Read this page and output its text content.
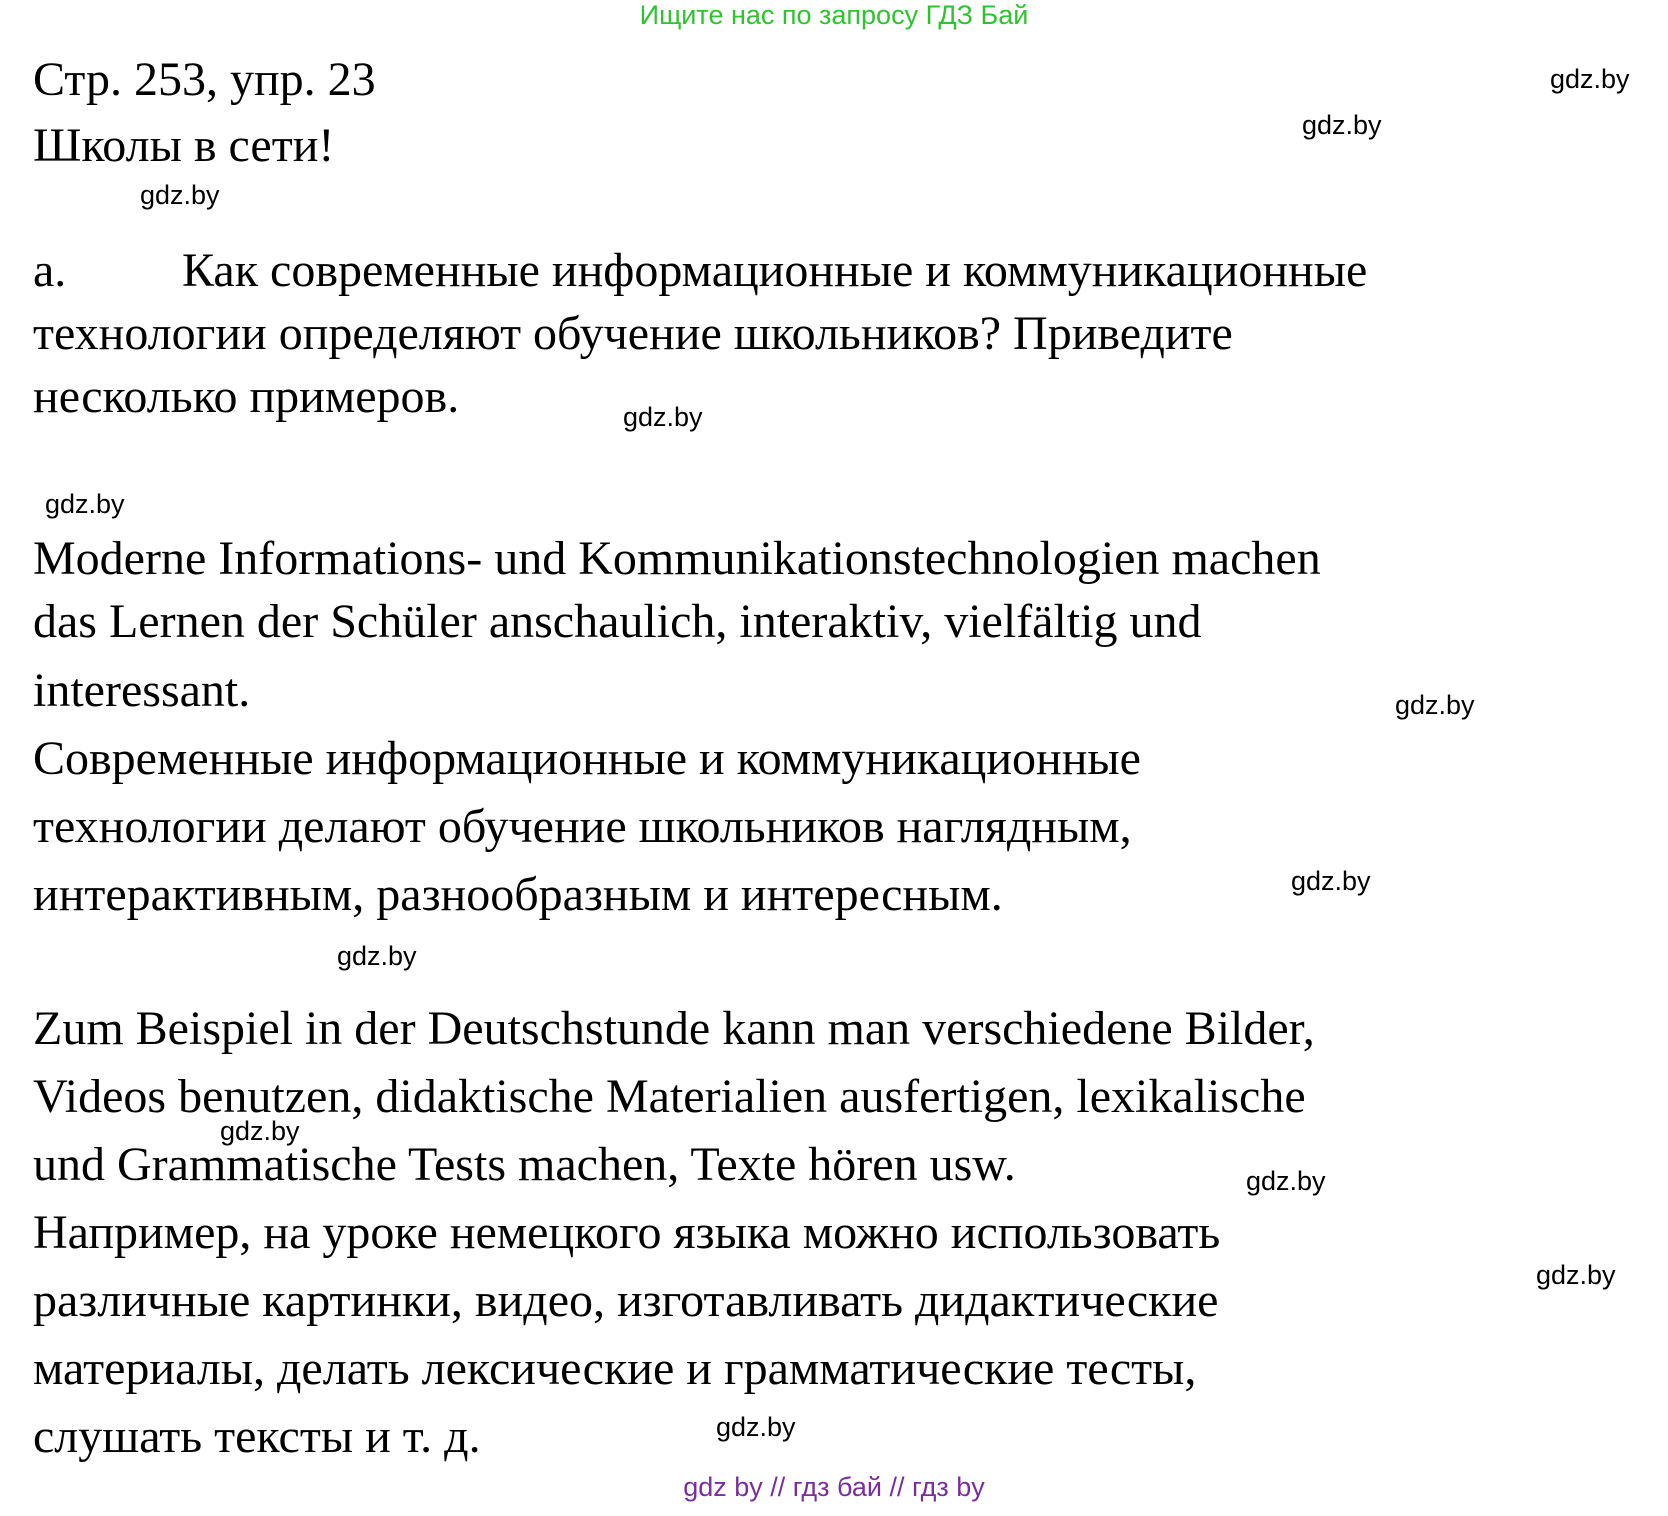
Ищите нас по запросу ГДЗ Бай
Стр. 253, упр. 23
Школы в сети!
a. Как современные информационные и коммуникационные
технологии определяют обучение школьников? Приведите
несколько примеров.
Moderne Informations- und Kommunikationstechnologien machen
das Lernen der Schüler anschaulich, interaktiv, vielfältig und
interessant.
Современные информационные и коммуникационные
технологии делают обучение школьников наглядным,
интерактивным, разнообразным и интересным.
Zum Beispiel in der Deutschstunde kann man verschiedene Bilder,
Videos benutzen, didaktische Materialien ausfertigen, lexikalische
und Grammatische Tests machen, Texte hören usw.
Например, на уроке немецкого языка можно использовать
различные картинки, видео, изготавливать дидактические
материалы, делать лексические и грамматические тесты,
слушать тексты и т. д.
gdz.by
gdz.by
gdz.by
gdz.by
gdz.by
gdz.by
gdz.by
gdz.by
gdz.by
gdz.by
gdz.by
gdz.by
gdz by // гдз бай // гдз by
